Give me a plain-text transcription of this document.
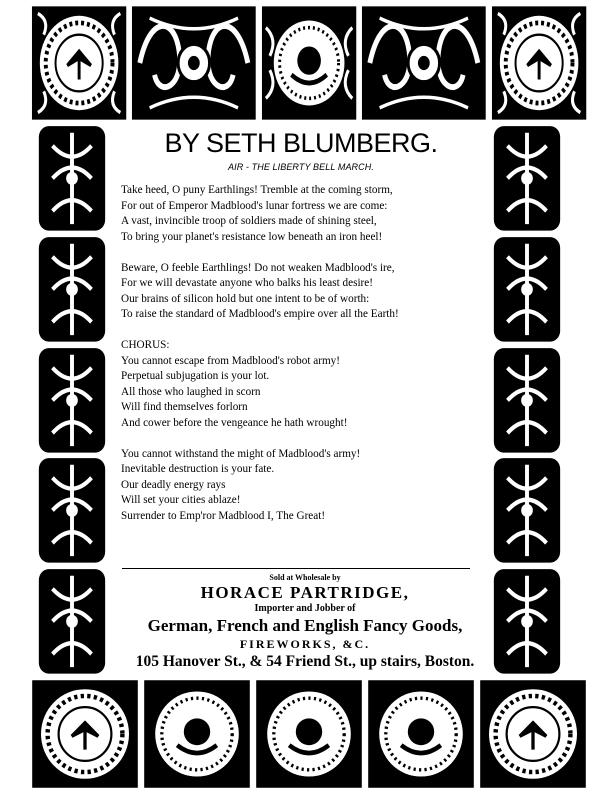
BY SETH BLUMBERG.
AIR - THE LIBERTY BELL MARCH.
Take heed, O puny Earthlings! Tremble at the coming storm,
For out of Emperor Madblood's lunar fortress we are come:
A vast, invincible troop of soldiers made of shining steel,
To bring your planet's resistance low beneath an iron heel!
Beware, O feeble Earthlings! Do not weaken Madblood's ire,
For we will devastate anyone who balks his least desire!
Our brains of silicon hold but one intent to be of worth:
To raise the standard of Madblood's empire over all the Earth!
CHORUS:
You cannot escape from Madblood's robot army!
Perpetual subjugation is your lot.
All those who laughed in scorn
Will find themselves forlorn
And cower before the vengeance he hath wrought!
You cannot withstand the might of Madblood's army!
Inevitable destruction is your fate.
Our deadly energy rays
Will set your cities ablaze!
Surrender to Emp'ror Madblood I, The Great!
Sold at Wholesale by
HORACE PARTRIDGE,
Importer and Jobber of
German, French and English Fancy Goods,
FIREWORKS, &C.
105 Hanover St., & 54 Friend St., up stairs, Boston.
